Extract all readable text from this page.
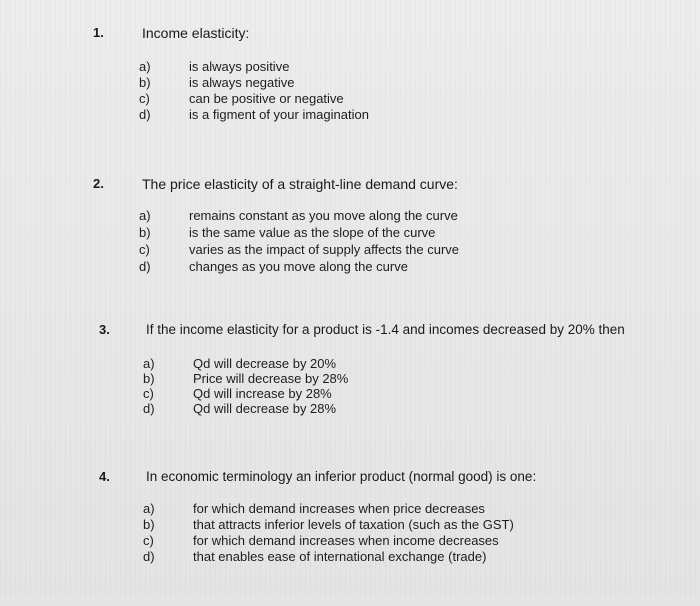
1.	Income elasticity:
a)	is always positive
b)	is always negative
c)	can be positive or negative
d)	is a figment of your imagination
2.	The price elasticity of a straight-line demand curve:
a)	remains constant as you move along the curve
b)	is the same value as the slope of the curve
c)	varies as the impact of supply affects the curve
d)	changes as you move along the curve
3.	If the income elasticity for a product is -1.4 and incomes decreased by 20% then
a)	Qd will decrease by 20%
b)	Price will decrease by 28%
c)	Qd will increase by 28%
d)	Qd will decrease by 28%
4.	In economic terminology an inferior product (normal good) is one:
a)	for which demand increases when price decreases
b)	that attracts inferior levels of taxation (such as the GST)
c)	for which demand increases when income decreases
d)	that enables ease of international exchange (trade)
